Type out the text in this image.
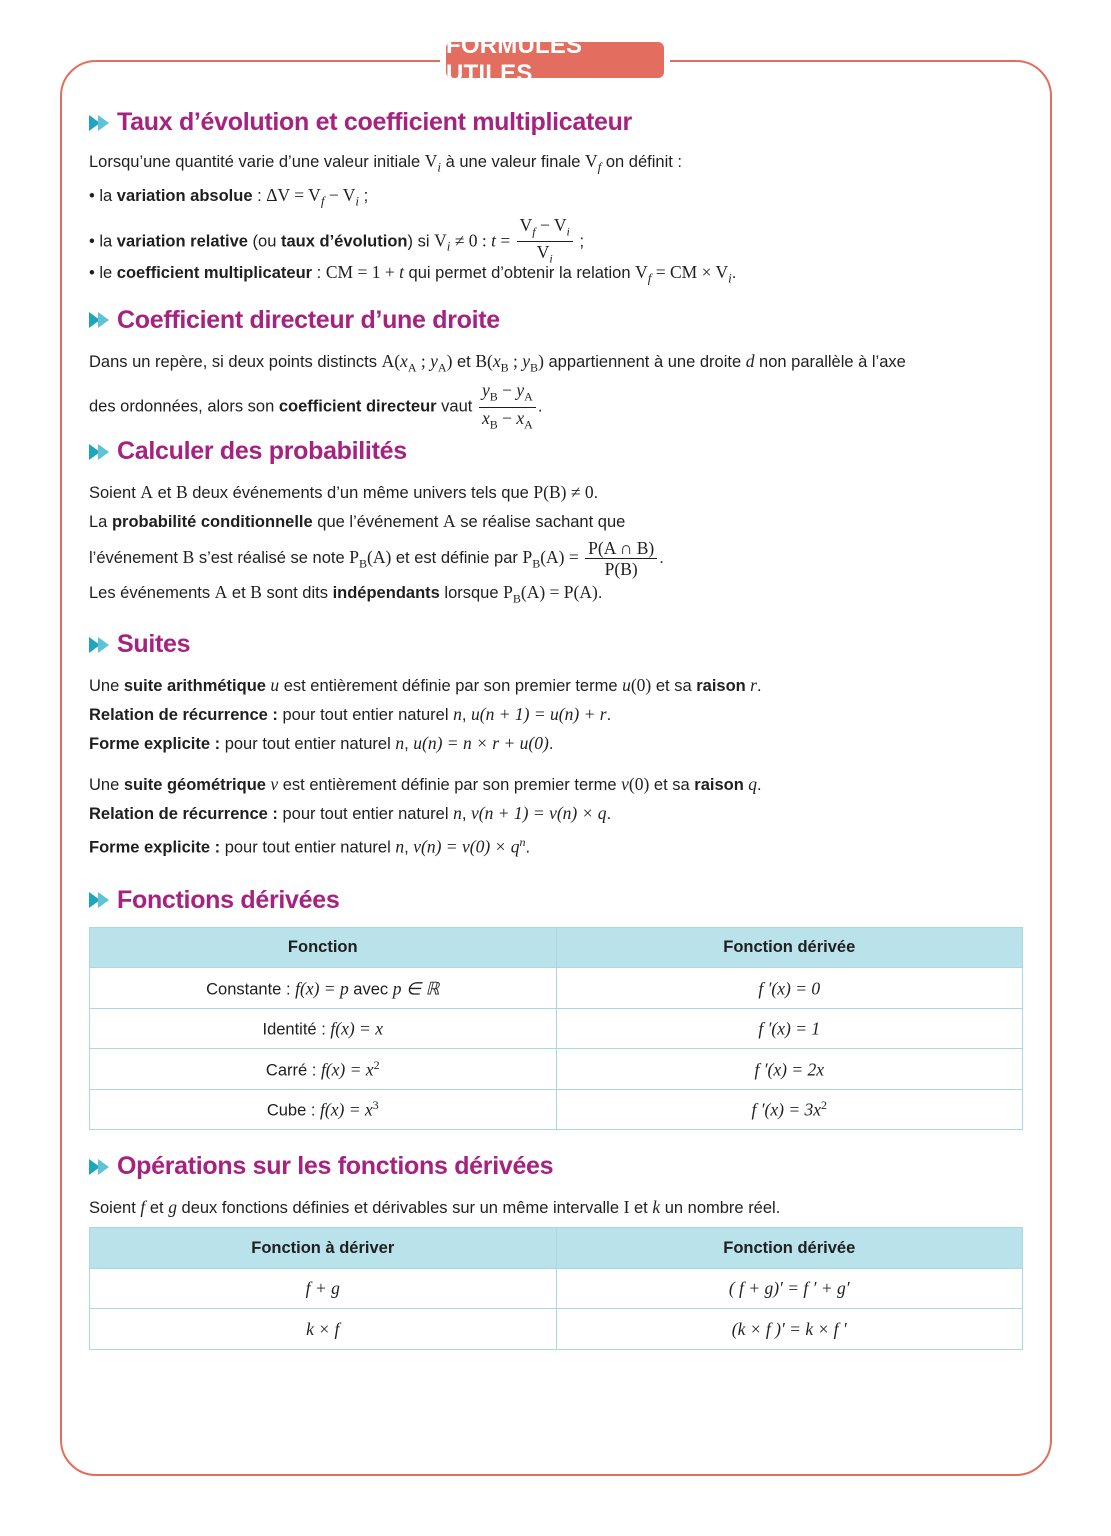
FORMULES UTILES
Taux d’évolution et coefficient multiplicateur
Lorsqu’une quantité varie d’une valeur initiale $V_i$ à une valeur finale $V_f$ on définit :
• la variation absolue : $\Delta V = V_f - V_i$ ;
• la variation relative (ou taux d’évolution) si $V_i \ne 0$ : $t = \frac{V_f - V_i}{V_i}$ ;
• le coefficient multiplicateur : CM = 1 + t qui permet d’obtenir la relation $V_f$ = CM × $V_i$.
Coefficient directeur d’une droite
Dans un repère, si deux points distincts $A(x_A$ ; $y_A$) et $B(x_B$ ; $y_B$) appartiennent à une droite d non parallèle à l’axe
des ordonnées, alors son coefficient directeur vaut $\frac{y_B - y_A}{x_B - x_A}$ .
Calculer des probabilités
Soient A et B deux événements d’un même univers tels que P(B) ≠ 0.
La probabilité conditionnelle que l’événement A se réalise sachant que
l’événement B s’est réalisé se note $P_B(A)$ et est définie par $P_B(A) = \frac{P(A \cap B)}{P(B)}$ .
Les événements A et B sont dits indépendants lorsque $P_B(A) = P(A)$.
Suites
Une suite arithmétique u est entièrement définie par son premier terme u(0) et sa raison r.
Relation de récurrence : pour tout entier naturel n, u(n + 1) = u(n) + r.
Forme explicite : pour tout entier naturel n, u(n) = n × r + u(0).
Une suite géométrique v est entièrement définie par son premier terme v(0) et sa raison q.
Relation de récurrence : pour tout entier naturel n, v(n + 1) = v(n) × q.
Forme explicite : pour tout entier naturel n, $v(n) = v(0) \times q^n$.
Fonctions dérivées
Fonction	Fonction dérivée
Constante : f(x) = p avec p ∈ ℝ	f ′(x) = 0
Identité : f(x) = x	f ′(x) = 1
Carré : $f(x) = x^2$	f ′(x) = 2x
Cube : $f(x) = x^3$	f $'(x) = 3x^2$
Opérations sur les fonctions dérivées
Soient f et g deux fonctions définies et dérivables sur un même intervalle I et k un nombre réel.
Fonction à dériver	Fonction dérivée
f + g	( f + g)′ = f ′ + g′
k × f	(k × f )′ = k × f ′
